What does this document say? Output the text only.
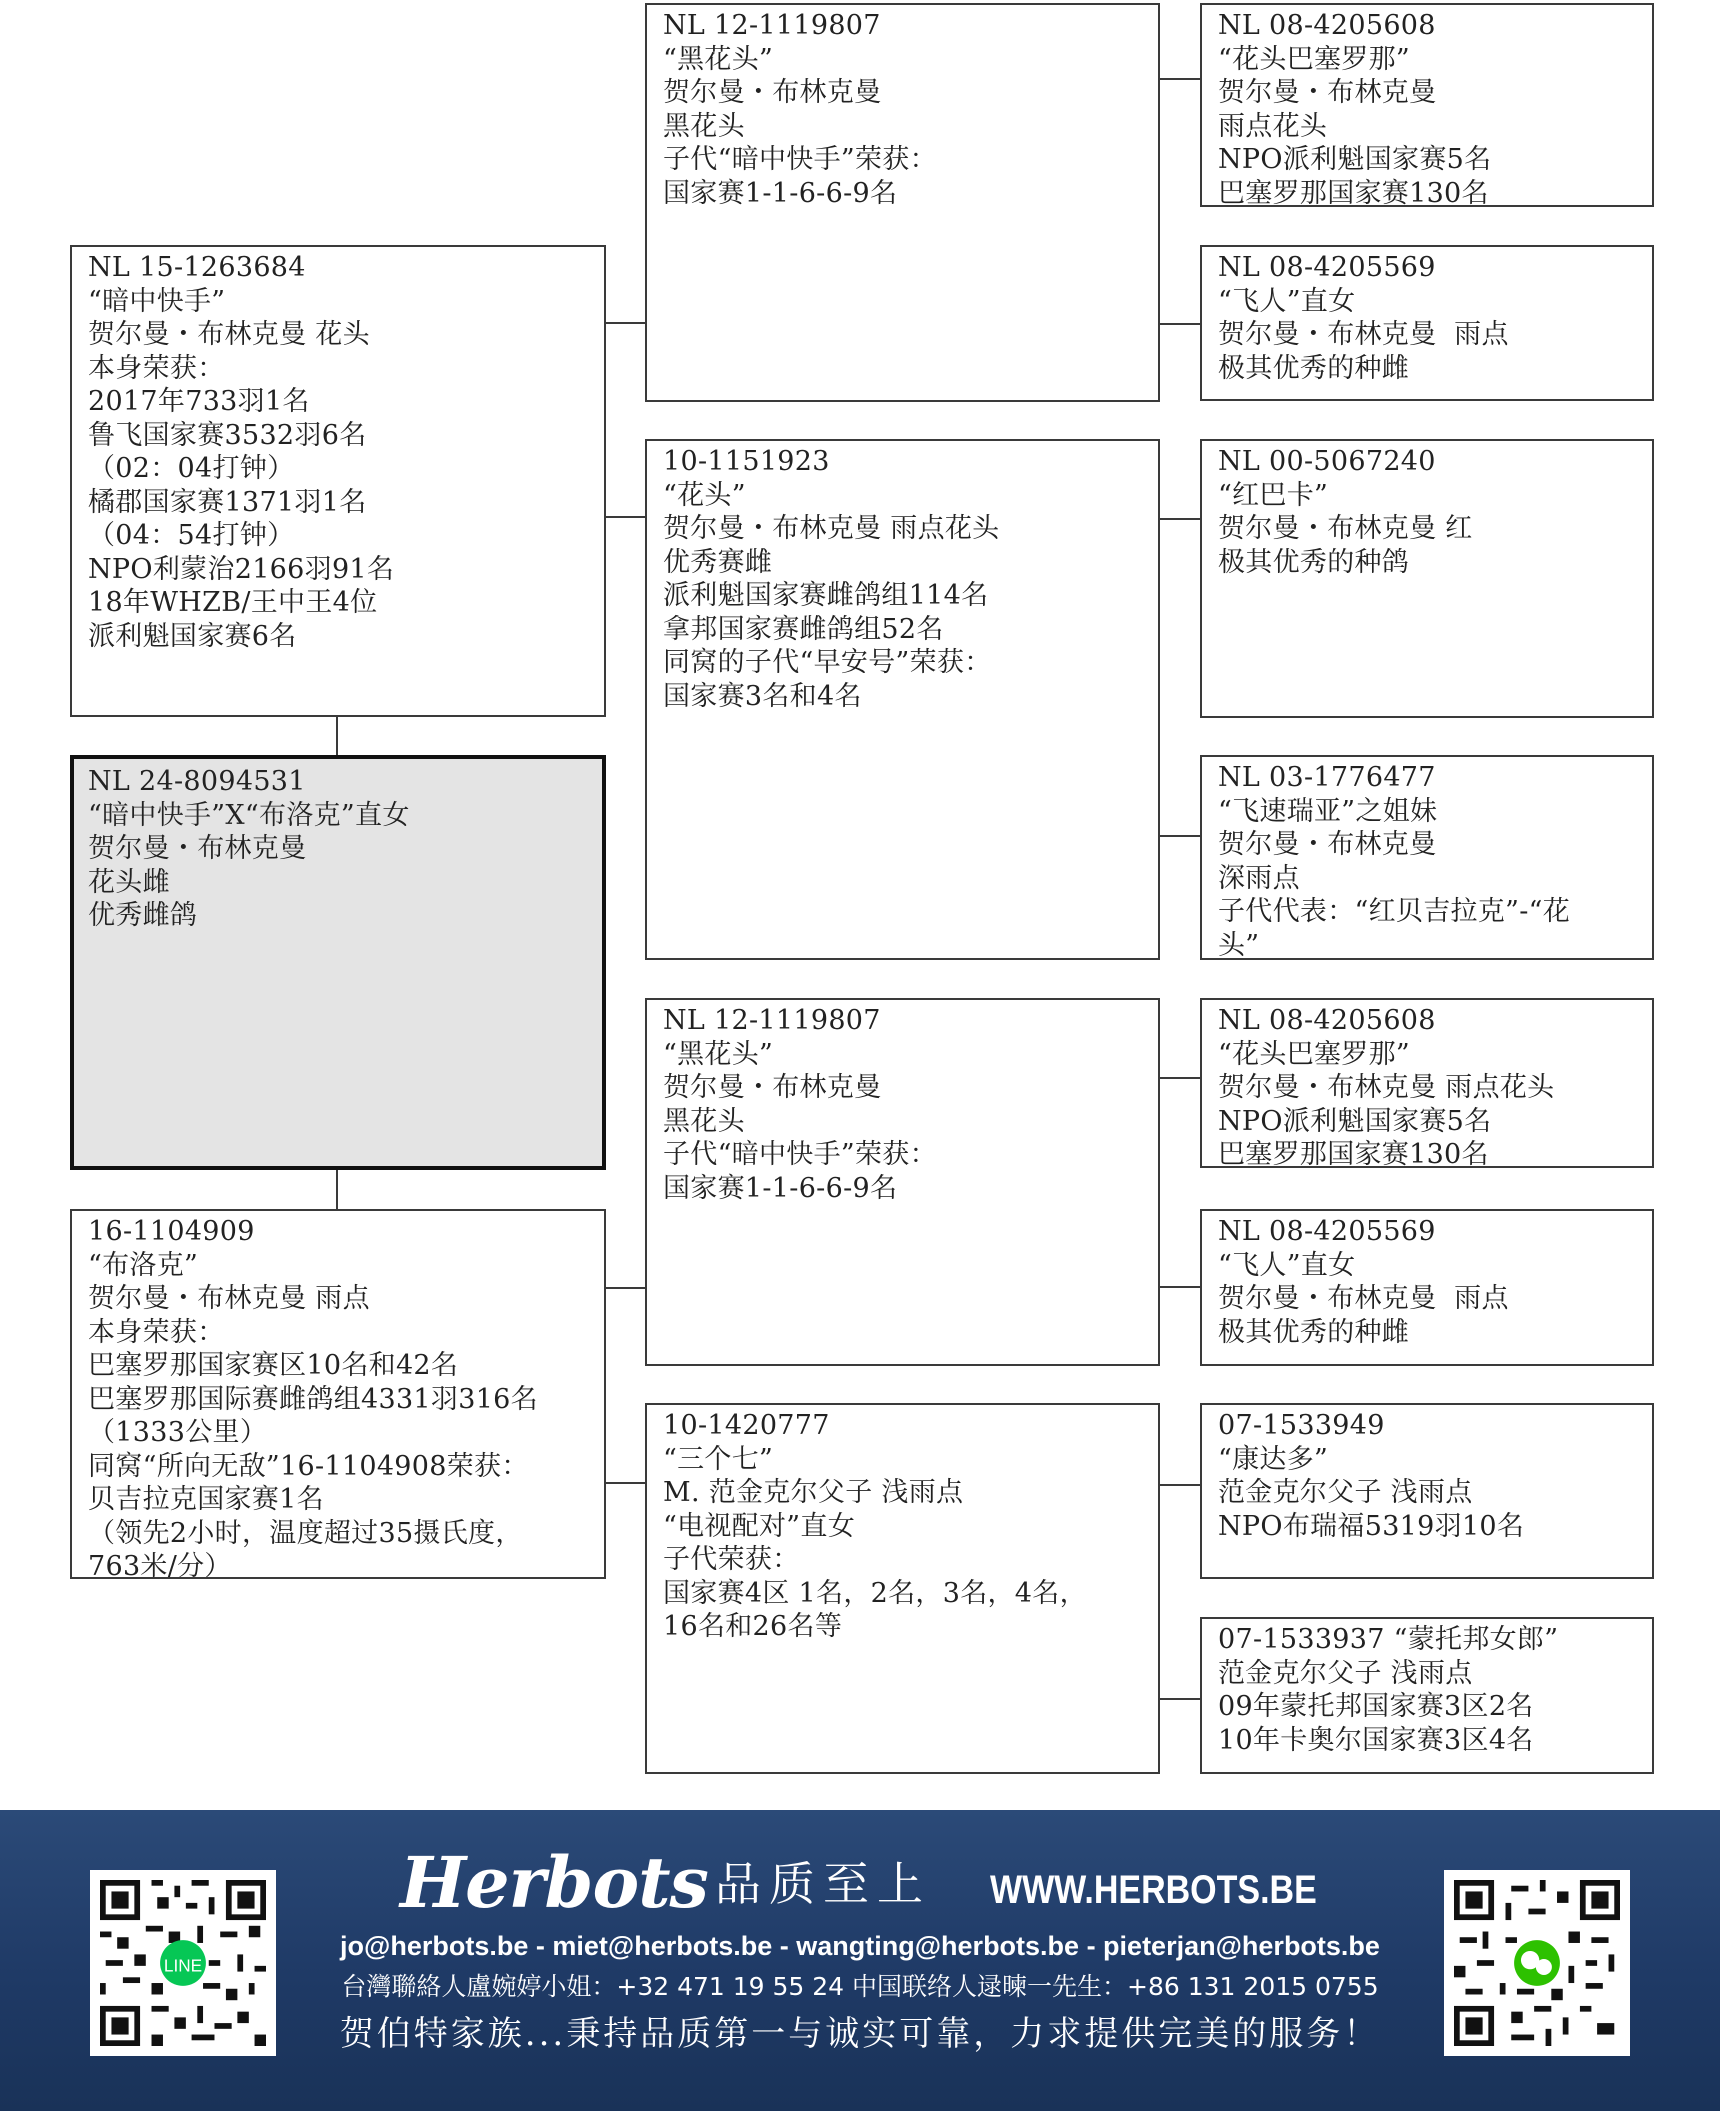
NL 15-1263684
“暗中快手”
贺尔曼・布林克曼 花头
本身荣获：
2017年733羽1名
鲁飞国家赛3532羽6名
（02：04打钟）
橘郡国家赛1371羽1名
（04：54打钟）
NPO利蒙治2166羽91名
18年WHZB/王中王4位
派利魁国家赛6名
NL 24-8094531
“暗中快手”X“布洛克”直女
贺尔曼・布林克曼
花头雌
优秀雌鸽
16-1104909
“布洛克”
贺尔曼・布林克曼 雨点
本身荣获：
巴塞罗那国家赛区10名和42名
巴塞罗那国际赛雌鸽组4331羽316名
（1333公里）
同窝“所向无敌”16-1104908荣获：
贝吉拉克国家赛1名
（领先2小时，温度超过35摄氏度，
763米/分）
NL 12-1119807
“黑花头”
贺尔曼・布林克曼
黑花头
子代“暗中快手”荣获：
国家赛1-1-6-6-9名
10-1151923
“花头”
贺尔曼・布林克曼 雨点花头
优秀赛雌
派利魁国家赛雌鸽组114名
拿邦国家赛雌鸽组52名
同窝的子代“早安号”荣获：
国家赛3名和4名
NL 12-1119807
“黑花头”
贺尔曼・布林克曼
黑花头
子代“暗中快手”荣获：
国家赛1-1-6-6-9名
10-1420777
“三个七”
M. 范金克尔父子 浅雨点
“电视配对”直女
子代荣获：
国家赛4区 1名，2名，3名，4名，
16名和26名等
NL 08-4205608
“花头巴塞罗那”
贺尔曼・布林克曼
雨点花头
NPO派利魁国家赛5名
巴塞罗那国家赛130名
NL 08-4205569
“飞人”直女
贺尔曼・布林克曼  雨点
极其优秀的种雌
NL 00-5067240
“红巴卡”
贺尔曼・布林克曼 红
极其优秀的种鸽
NL 03-1776477
“飞速瑞亚”之姐妹
贺尔曼・布林克曼
深雨点
子代代表：“红贝吉拉克”-“花
头”
NL 08-4205608
“花头巴塞罗那”
贺尔曼・布林克曼 雨点花头
NPO派利魁国家赛5名
巴塞罗那国家赛130名
NL 08-4205569
“飞人”直女
贺尔曼・布林克曼  雨点
极其优秀的种雌
07-1533949
“康达多”
范金克尔父子 浅雨点
NPO布瑞福5319羽10名
07-1533937 “蒙托邦女郎”
范金克尔父子 浅雨点
09年蒙托邦国家赛3区2名
10年卡奥尔国家赛3区4名
LINE
Herbots 品质至上 WWW.HERBOTS.BE
jo@herbots.be - miet@herbots.be - wangting@herbots.be - pieterjan@herbots.be
台灣聯絡人盧婉婷小姐：+32 471 19 55 24 中国联络人逯暕一先生：+86 131 2015 0755
贺伯特家族...秉持品质第一与诚实可靠，力求提供完美的服务！
